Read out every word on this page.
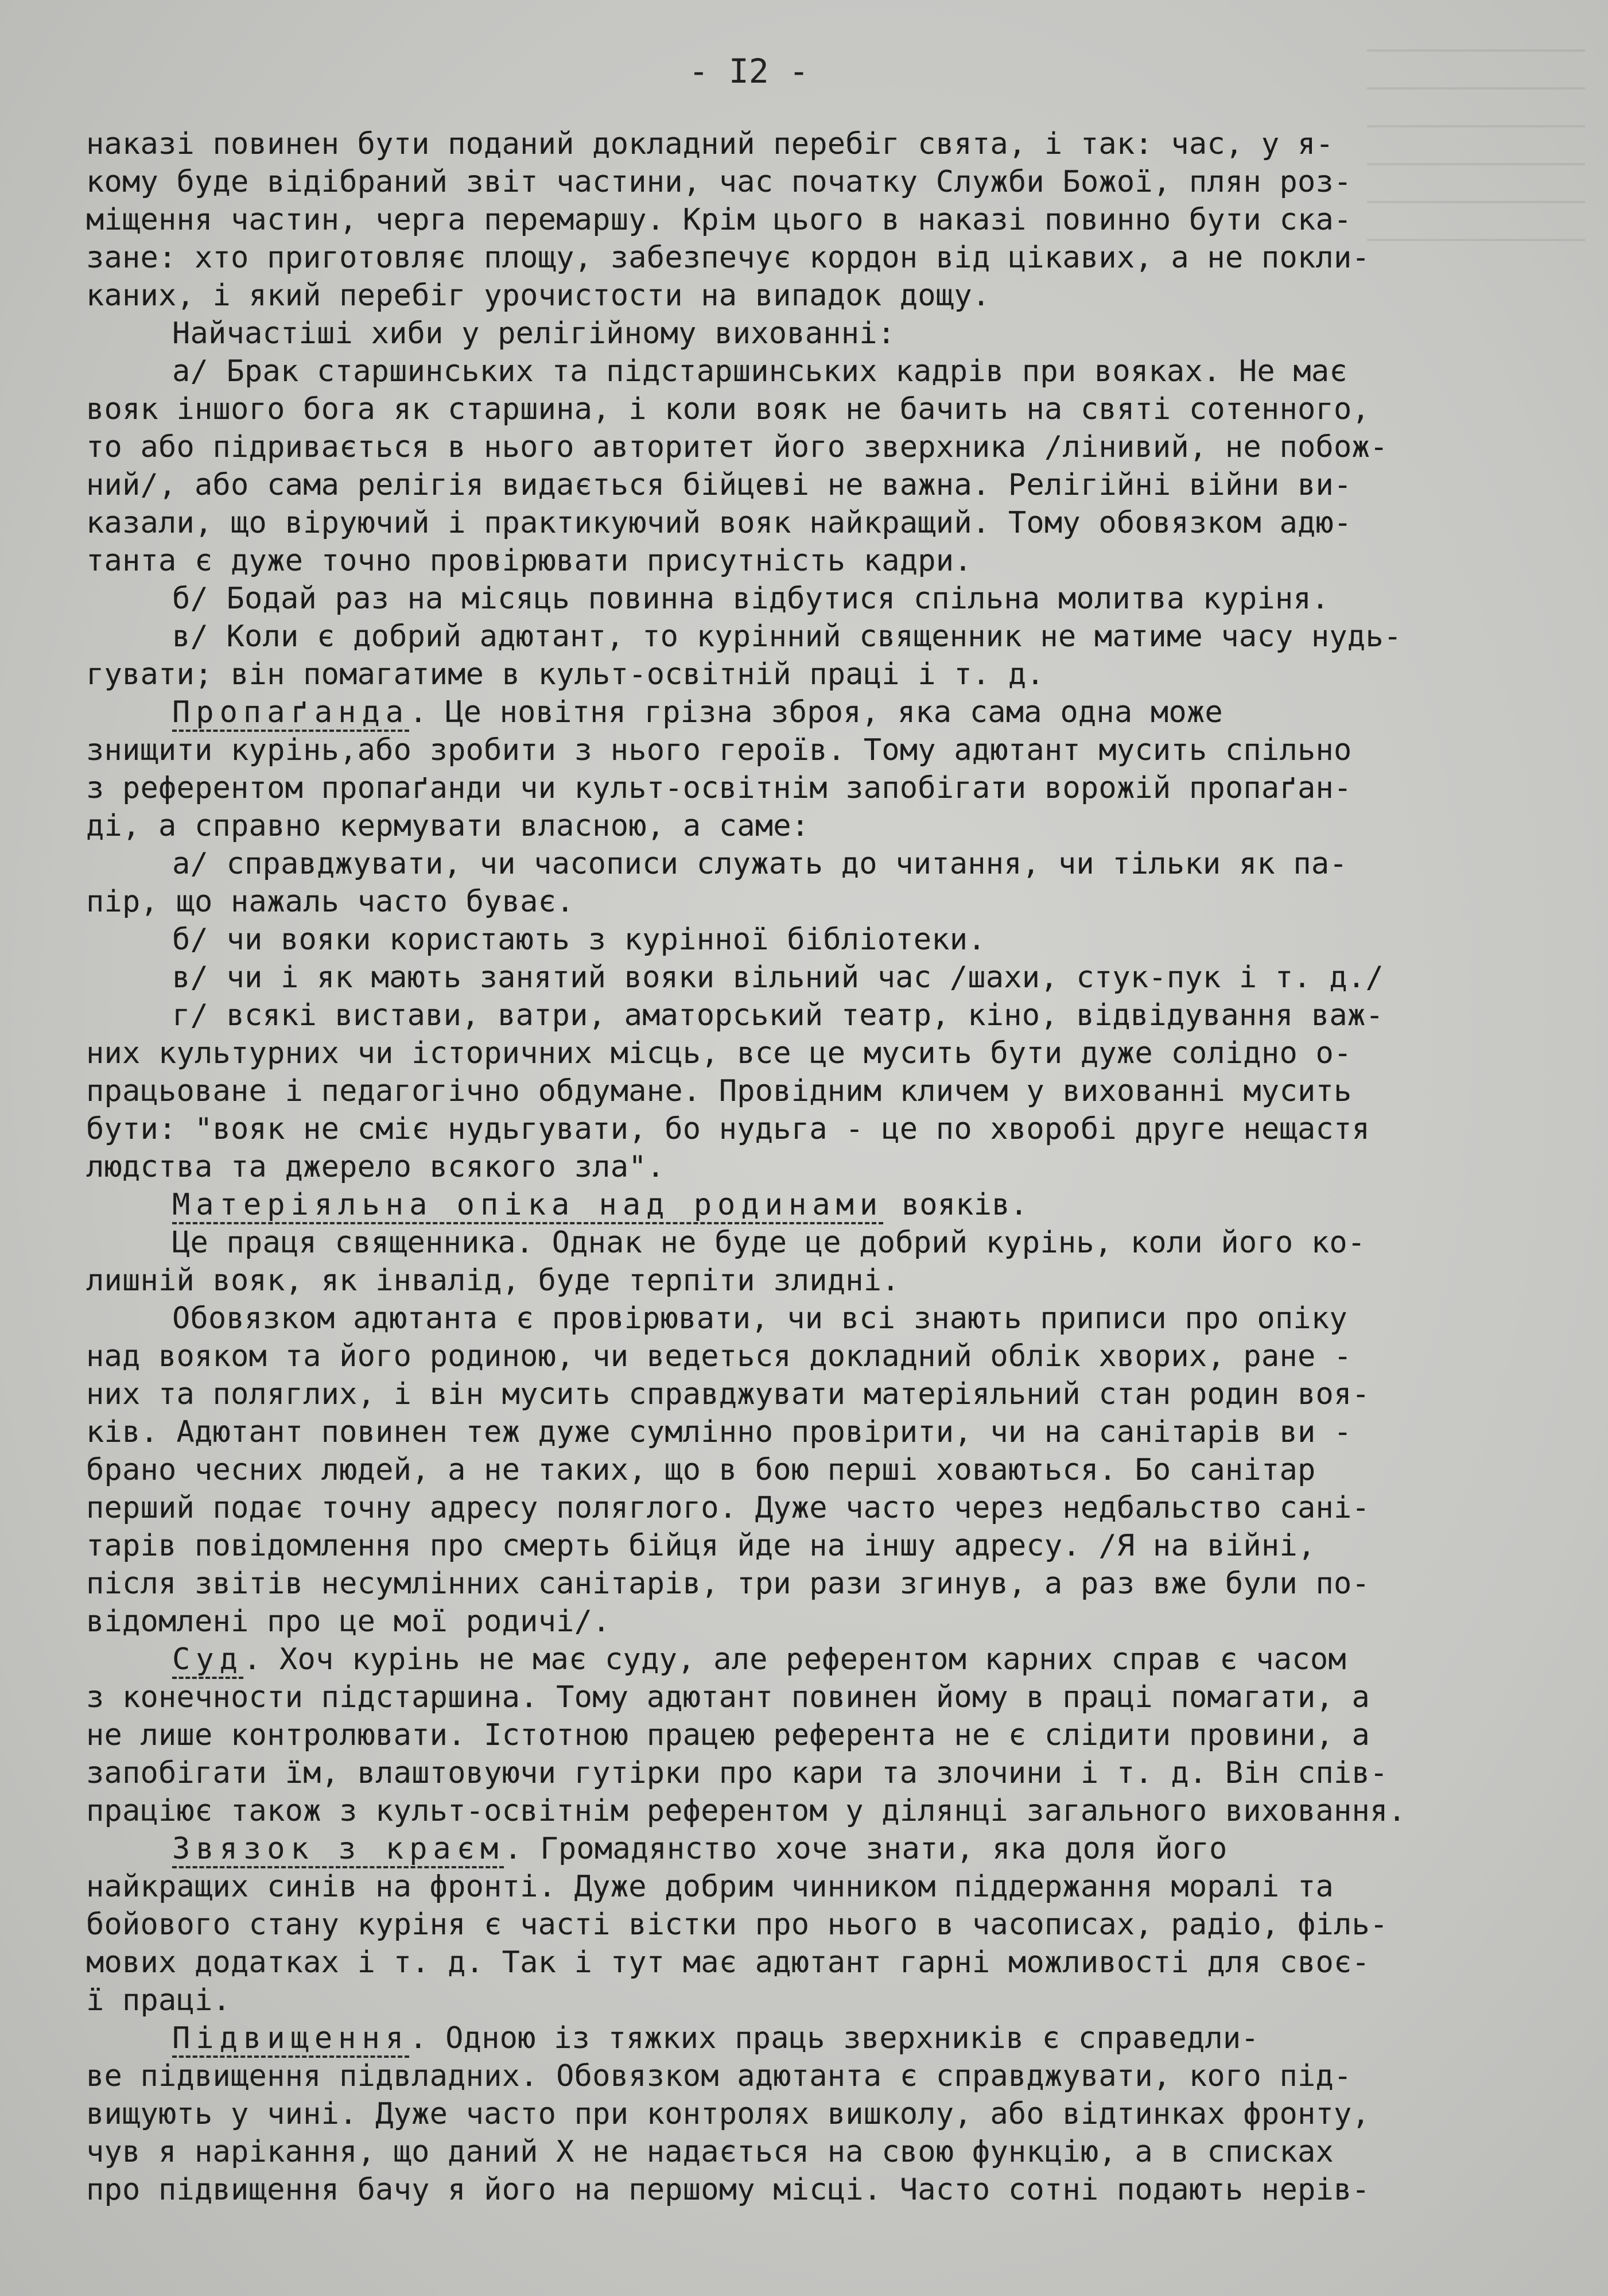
- I2 -
наказі повинен бути поданий докладний перебіг свята, і так: час, у я-
кому буде відібраний звіт частини, час початку Служби Божої, плян роз-
міщення частин, черга перемаршу. Крім цього в наказі повинно бути ска-
зане: хто приготовляє площу, забезпечує кордон від цікавих, а не покли-
каних, і який перебіг урочистости на випадок дощу.
Найчастіші хиби у релігійному вихованні:
а/ Брак старшинських та підстаршинських кадрів при вояках. Не має
вояк іншого бога як старшина, і коли вояк не бачить на святі сотенного,
то або підривається в нього авторитет його зверхника /лінивий, не побож-
ний/, або сама релігія видається бійцеві не важна. Релігійні війни ви-
казали, що віруючий і практикуючий вояк найкращий. Тому обовязком адю-
танта є дуже точно провірювати присутність кадри.
б/ Бодай раз на місяць повинна відбутися спільна молитва куріня.
в/ Коли є добрий адютант, то курінний священник не матиме часу нудь-
гувати; він помагатиме в культ-освітній праці і т. д.
Пропаґанда. Це новітня грізна зброя, яка сама одна може
знищити курінь,або зробити з нього героїв. Тому адютант мусить спільно
з референтом пропаґанди чи культ-освітнім запобігати ворожій пропаґан-
ді, а справно кермувати власною, а саме:
а/ справджувати, чи часописи служать до читання, чи тільки як па-
пір, що нажаль часто буває.
б/ чи вояки користають з курінної бібліотеки.
в/ чи і як мають занятий вояки вільний час /шахи, стук-пук і т. д./
г/ всякі вистави, ватри, аматорський театр, кіно, відвідування важ-
них культурних чи історичних місць, все це мусить бути дуже солідно о-
працьоване і педагогічно обдумане. Провідним кличем у вихованні мусить
бути: "вояк не сміє нудьгувати, бо нудьга - це по хворобі друге нещастя
людства та джерело всякого зла".
Матеріяльна опіка над родинами вояків.
Це праця священника. Однак не буде це добрий курінь, коли його ко-
лишній вояк, як інвалід, буде терпіти злидні.
Обовязком адютанта є провірювати, чи всі знають приписи про опіку
над вояком та його родиною, чи ведеться докладний облік хворих, ране -
них та поляглих, і він мусить справджувати матеріяльний стан родин воя-
ків. Адютант повинен теж дуже сумлінно провірити, чи на санітарів ви -
брано чесних людей, а не таких, що в бою перші ховаються. Бо санітар
перший подає точну адресу поляглого. Дуже часто через недбальство сані-
тарів повідомлення про смерть бійця йде на іншу адресу. /Я на війні,
після звітів несумлінних санітарів, три рази згинув, а раз вже були по-
відомлені про це мої родичі/.
Суд. Хоч курінь не має суду, але референтом карних справ є часом
з конечности підстаршина. Тому адютант повинен йому в праці помагати, а
не лише контролювати. Істотною працею референта не є слідити провини, а
запобігати їм, влаштовуючи гутірки про кари та злочини і т. д. Він спів-
праціює також з культ-освітнім референтом у ділянці загального виховання.
Звязок з краєм. Громадянство хоче знати, яка доля його
найкращих синів на фронті. Дуже добрим чинником піддержання моралі та
бойового стану куріня є часті вістки про нього в часописах, радіо, філь-
мових додатках і т. д. Так і тут має адютант гарні можливості для своє-
ї праці.
Підвищення. Одною із тяжких праць зверхників є справедли-
ве підвищення підвладних. Обовязком адютанта є справджувати, кого під-
вищують у чині. Дуже часто при контролях вишколу, або відтинках фронту,
чув я нарікання, що даний Х не надається на свою функцію, а в списках
про підвищення бачу я його на першому місці. Часто сотні подають нерів-
